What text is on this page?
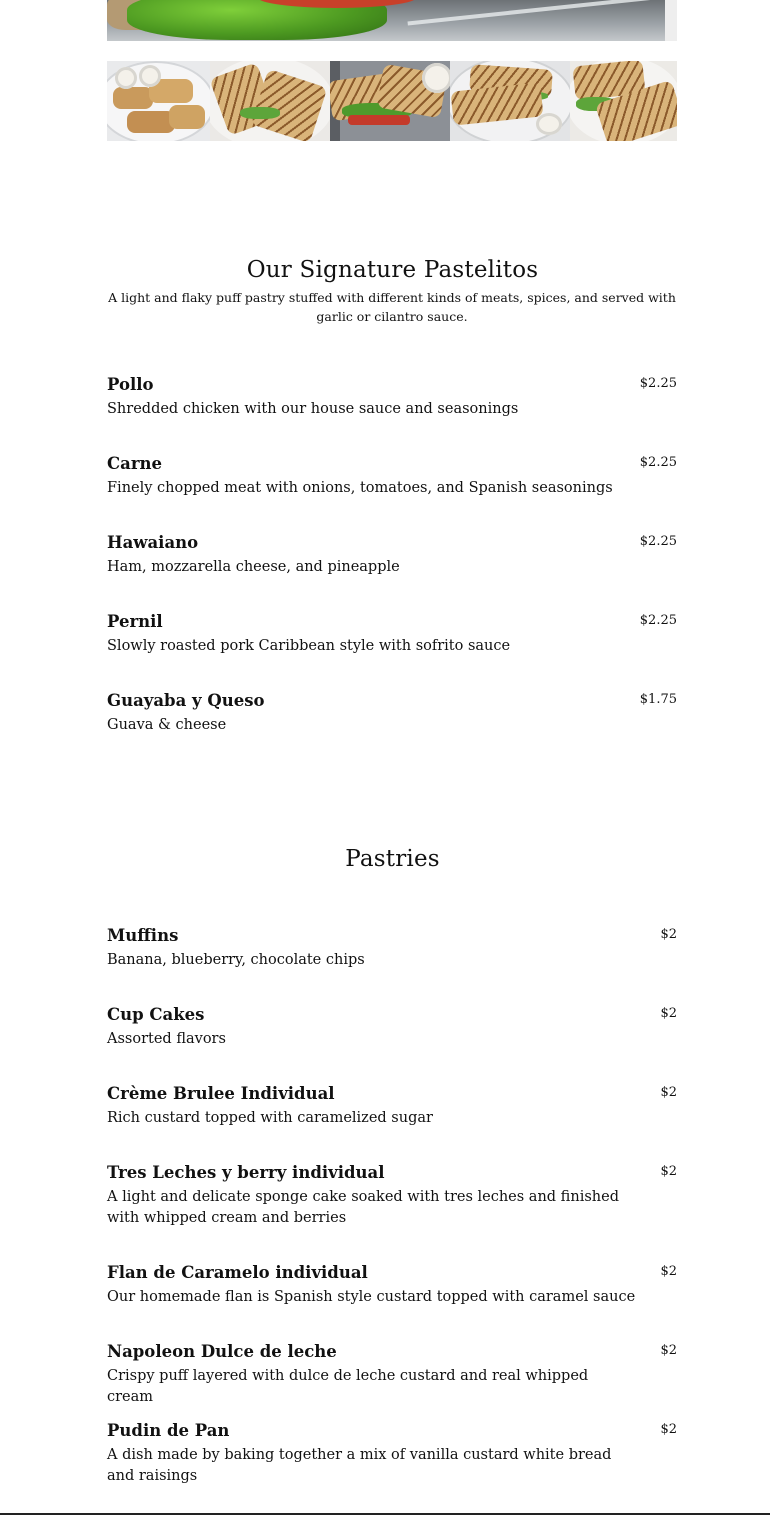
Our Signature Pastelitos

A light and flaky puff pastry stuffed with different kinds of meats, spices, and served with garlic or cilantro sauce.

Pollo	$2.25
Shredded chicken with our house sauce and seasonings
Carne	$2.25
Finely chopped meat with onions, tomatoes, and Spanish seasonings
Hawaiano	$2.25
Ham, mozzarella cheese, and pineapple
Pernil	$2.25
Slowly roasted pork Caribbean style with sofrito sauce
Guayaba y Queso	$1.75
Guava & cheese
Pastries
Muffins	$2
Banana, blueberry, chocolate chips
Cup Cakes	$2
Assorted flavors
Crème Brulee Individual	$2
Rich custard topped with caramelized sugar
Tres Leches y berry individual	$2
A light and delicate sponge cake soaked with tres leches and finished with whipped cream and berries
Flan de Caramelo individual	$2
Our homemade flan is Spanish style custard topped with caramel sauce
Napoleon Dulce de leche	$2
Crispy puff layered with dulce de leche custard and real whipped cream
Pudin de Pan	$2
A dish made by baking together a mix of vanilla custard white bread and raisings
